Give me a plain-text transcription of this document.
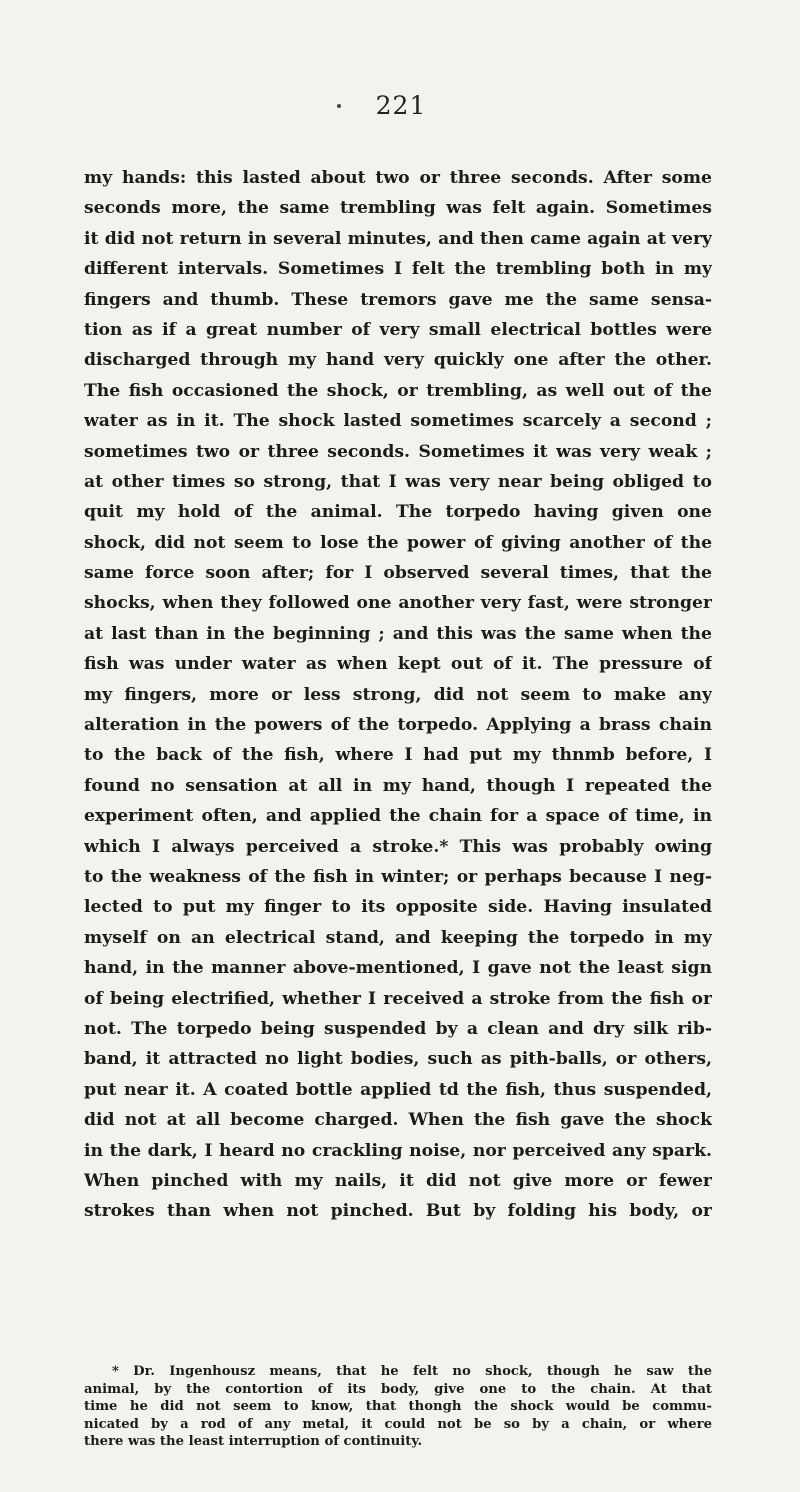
221
my hands: this lasted about two or three seconds. After some
seconds more, the same trembling was felt again. Sometimes
it did not return in several minutes, and then came again at very
different intervals. Sometimes I felt the trembling both in my
fingers and thumb. These tremors gave me the same sensa-
tion as if a great number of very small electrical bottles were
discharged through my hand very quickly one after the other.
The fish occasioned the shock, or trembling, as well out of the
water as in it. The shock lasted sometimes scarcely a second ;
sometimes two or three seconds. Sometimes it was very weak ;
at other times so strong, that I was very near being obliged to
quit my hold of the animal. The torpedo having given one
shock, did not seem to lose the power of giving another of the
same force soon after; for I observed several times, that the
shocks, when they followed one another very fast, were stronger
at last than in the beginning ; and this was the same when the
fish was under water as when kept out of it. The pressure of
my fingers, more or less strong, did not seem to make any
alteration in the powers of the torpedo. Applying a brass chain
to the back of the fish, where I had put my thnmb before, I
found no sensation at all in my hand, though I repeated the
experiment often, and applied the chain for a space of time, in
which I always perceived a stroke.* This was probably owing
to the weakness of the fish in winter; or perhaps because I neg-
lected to put my finger to its opposite side. Having insulated
myself on an electrical stand, and keeping the torpedo in my
hand, in the manner above-mentioned, I gave not the least sign
of being electrified, whether I received a stroke from the fish or
not. The torpedo being suspended by a clean and dry silk rib-
band, it attracted no light bodies, such as pith-balls, or others,
put near it. A coated bottle applied td the fish, thus suspended,
did not at all become charged. When the fish gave the shock
in the dark, I heard no crackling noise, nor perceived any spark.
When pinched with my nails, it did not give more or fewer
strokes than when not pinched. But by folding his body, or
* Dr. Ingenhousz means, that he felt no shock, though he saw the
animal, by the contortion of its body, give one to the chain. At that
time he did not seem to know, that thongh the shock would be commu-
nicated by a rod of any metal, it could not be so by a chain, or where
there was the least interruption of continuity.
